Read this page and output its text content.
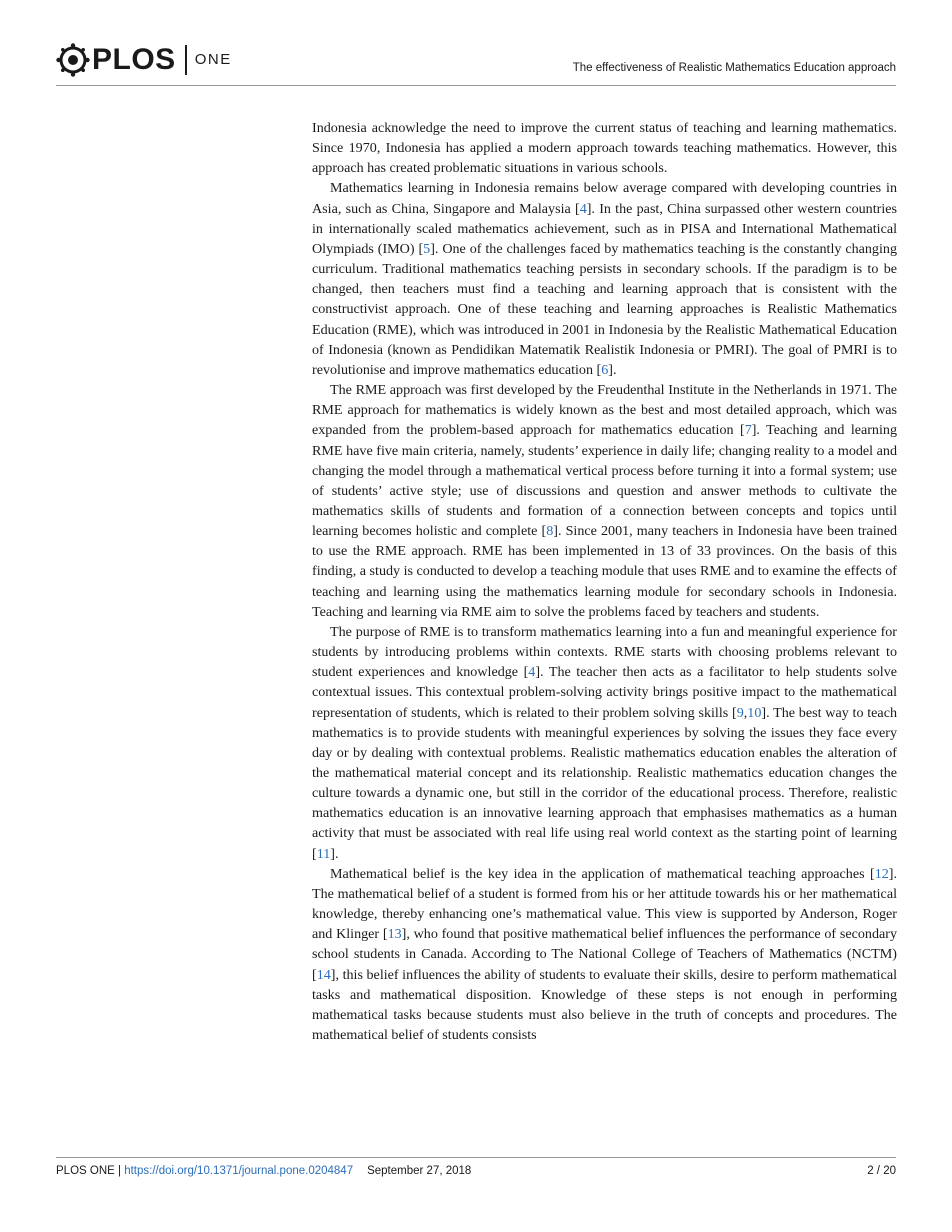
PLOS ONE	The effectiveness of Realistic Mathematics Education approach

Indonesia acknowledge the need to improve the current status of teaching and learning mathematics. Since 1970, Indonesia has applied a modern approach towards teaching mathematics. However, this approach has created problematic situations in various schools.

Mathematics learning in Indonesia remains below average compared with developing countries in Asia, such as China, Singapore and Malaysia [4]. In the past, China surpassed other western countries in internationally scaled mathematics achievement, such as in PISA and International Mathematical Olympiads (IMO) [5]. One of the challenges faced by mathematics teaching is the constantly changing curriculum. Traditional mathematics teaching persists in secondary schools. If the paradigm is to be changed, then teachers must find a teaching and learning approach that is consistent with the constructivist approach. One of these teaching and learning approaches is Realistic Mathematics Education (RME), which was introduced in 2001 in Indonesia by the Realistic Mathematical Education of Indonesia (known as Pendidikan Matematik Realistik Indonesia or PMRI). The goal of PMRI is to revolutionise and improve mathematics education [6].

The RME approach was first developed by the Freudenthal Institute in the Netherlands in 1971. The RME approach for mathematics is widely known as the best and most detailed approach, which was expanded from the problem-based approach for mathematics education [7]. Teaching and learning RME have five main criteria, namely, students’ experience in daily life; changing reality to a model and changing the model through a mathematical vertical process before turning it into a formal system; use of students’ active style; use of discussions and question and answer methods to cultivate the mathematics skills of students and formation of a connection between concepts and topics until learning becomes holistic and complete [8]. Since 2001, many teachers in Indonesia have been trained to use the RME approach. RME has been implemented in 13 of 33 provinces. On the basis of this finding, a study is conducted to develop a teaching module that uses RME and to examine the effects of teaching and learning using the mathematics learning module for secondary schools in Indonesia. Teaching and learning via RME aim to solve the problems faced by teachers and students.

The purpose of RME is to transform mathematics learning into a fun and meaningful experience for students by introducing problems within contexts. RME starts with choosing problems relevant to student experiences and knowledge [4]. The teacher then acts as a facilitator to help students solve contextual issues. This contextual problem-solving activity brings positive impact to the mathematical representation of students, which is related to their problem solving skills [9,10]. The best way to teach mathematics is to provide students with meaningful experiences by solving the issues they face every day or by dealing with contextual problems. Realistic mathematics education enables the alteration of the mathematical material concept and its relationship. Realistic mathematics education changes the culture towards a dynamic one, but still in the corridor of the educational process. Therefore, realistic mathematics education is an innovative learning approach that emphasises mathematics as a human activity that must be associated with real life using real world context as the starting point of learning [11].

Mathematical belief is the key idea in the application of mathematical teaching approaches [12]. The mathematical belief of a student is formed from his or her attitude towards his or her mathematical knowledge, thereby enhancing one’s mathematical value. This view is supported by Anderson, Roger and Klinger [13], who found that positive mathematical belief influences the performance of secondary school students in Canada. According to The National College of Teachers of Mathematics (NCTM) [14], this belief influences the ability of students to evaluate their skills, desire to perform mathematical tasks and mathematical disposition. Knowledge of these steps is not enough in performing mathematical tasks because students must also believe in the truth of concepts and procedures. The mathematical belief of students consists

PLOS ONE | https://doi.org/10.1371/journal.pone.0204847 September 27, 2018	2 / 20
